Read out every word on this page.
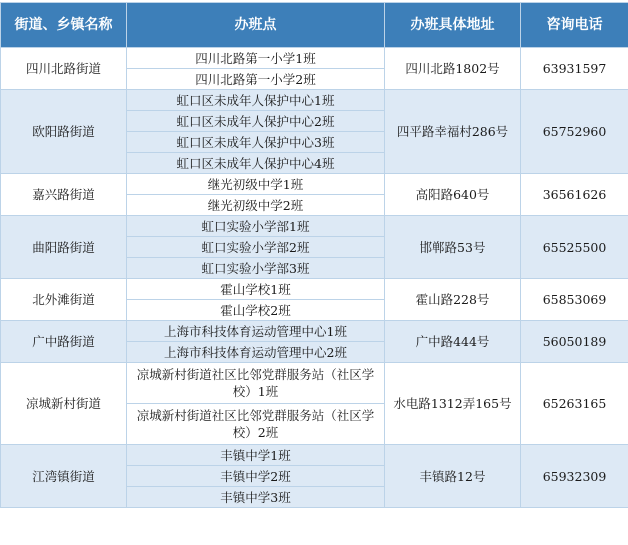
街道、乡镇名称	办班点	办班具体地址	咨询电话
四川北路街道	四川北路第一小学1班	四川北路1802号	63931597
	四川北路第一小学2班		
欧阳路街道	虹口区未成年人保护中心1班	四平路幸福村286号	65752960
	虹口区未成年人保护中心2班		
	虹口区未成年人保护中心3班		
	虹口区未成年人保护中心4班		
嘉兴路街道	继光初级中学1班	高阳路640号	36561626
	继光初级中学2班		
曲阳路街道	虹口实验小学部1班	邯郸路53号	65525500
	虹口实验小学部2班		
	虹口实验小学部3班		
北外滩街道	霍山学校1班	霍山路228号	65853069
	霍山学校2班		
广中路街道	上海市科技体育运动管理中心1班	广中路444号	56050189
	上海市科技体育运动管理中心2班		
凉城新村街道	凉城新村街道社区比邻党群服务站（社区学校）1班	水电路1312弄165号	65263165
	凉城新村街道社区比邻党群服务站（社区学校）2班		
江湾镇街道	丰镇中学1班	丰镇路12号	65932309
	丰镇中学2班		
	丰镇中学3班		
